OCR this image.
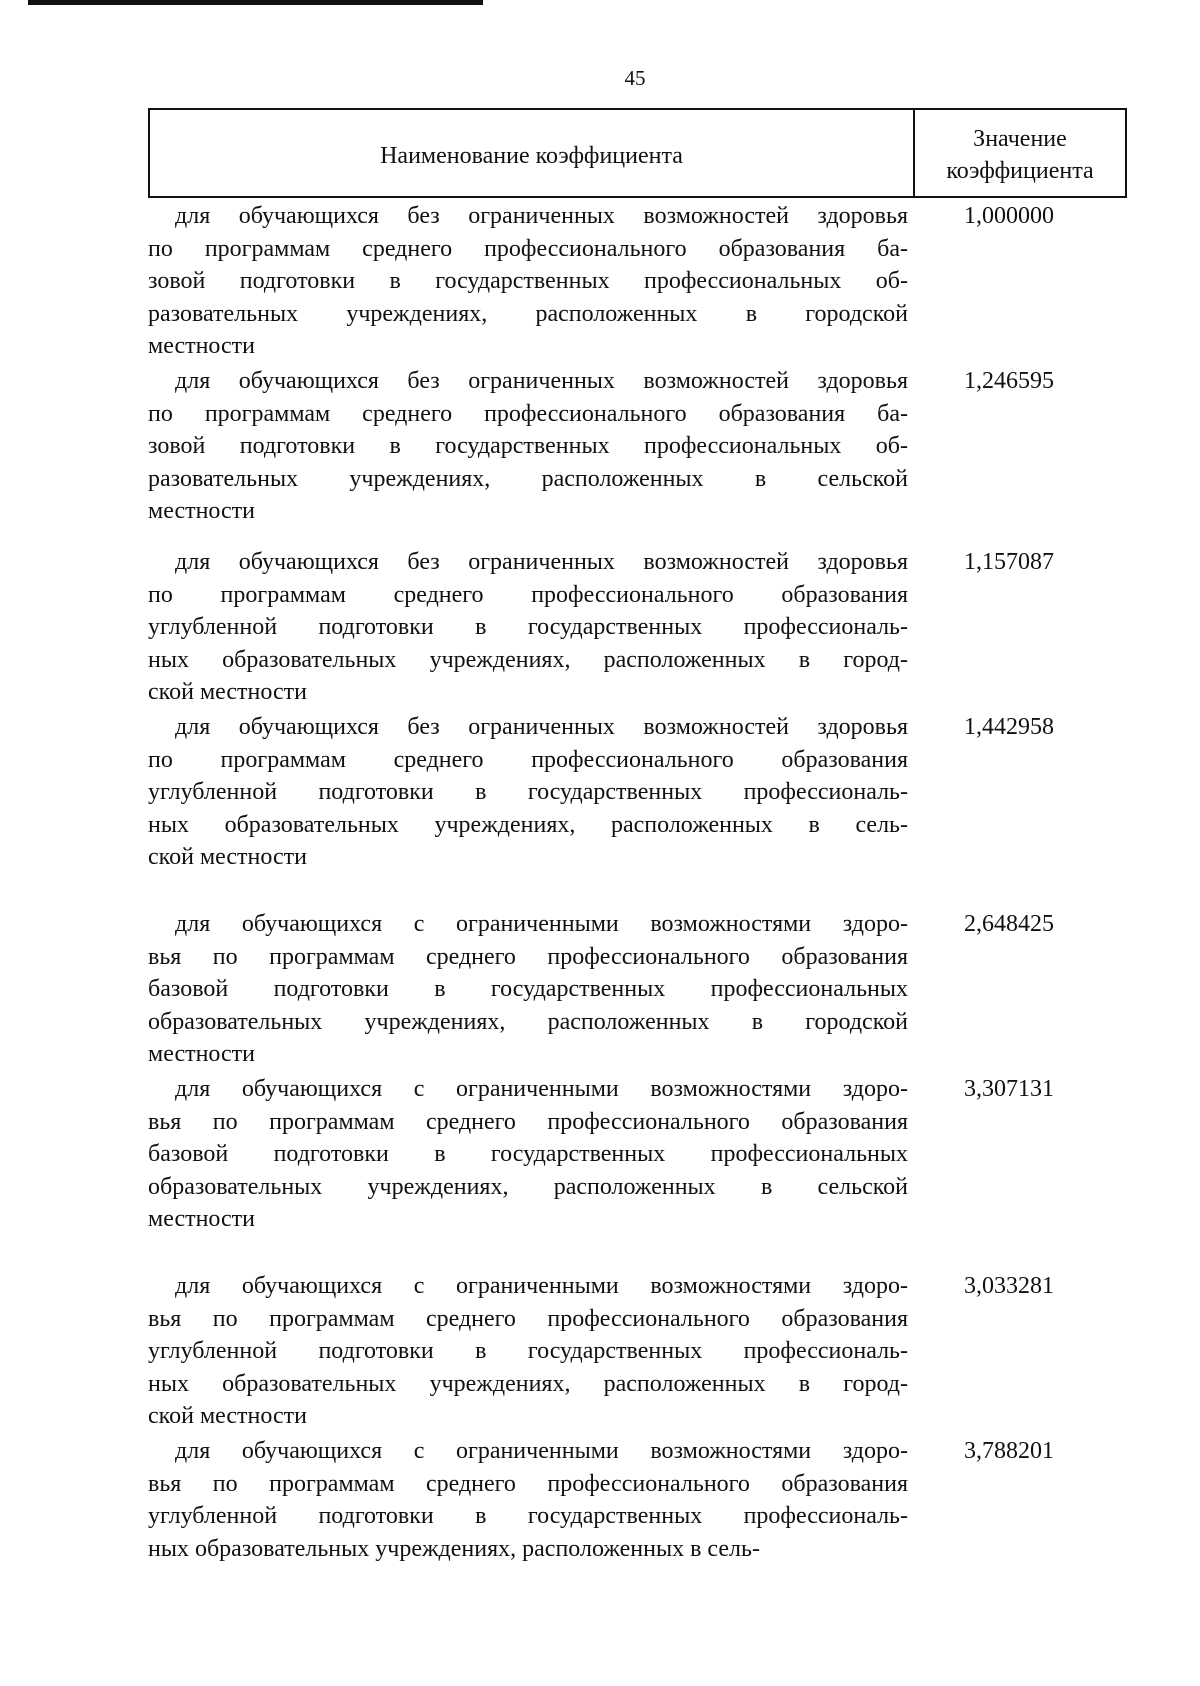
45
Наименование коэффициента
Значение
коэффициента
для обучающихся без ограниченных возможностей здоровья
по программам среднего профессионального образования ба-
зовой подготовки в государственных профессиональных об-
разовательных учреждениях, расположенных в городской
местности
1,000000
для обучающихся без ограниченных возможностей здоровья
по программам среднего профессионального образования ба-
зовой подготовки в государственных профессиональных об-
разовательных учреждениях, расположенных в сельской
местности
1,246595
для обучающихся без ограниченных возможностей здоровья
по программам среднего профессионального образования
углубленной подготовки в государственных профессиональ-
ных образовательных учреждениях, расположенных в город-
ской местности
1,157087
для обучающихся без ограниченных возможностей здоровья
по программам среднего профессионального образования
углубленной подготовки в государственных профессиональ-
ных образовательных учреждениях, расположенных в сель-
ской местности
1,442958
для обучающихся с ограниченными возможностями здоро-
вья по программам среднего профессионального образования
базовой подготовки в государственных профессиональных
образовательных учреждениях, расположенных в городской
местности
2,648425
для обучающихся с ограниченными возможностями здоро-
вья по программам среднего профессионального образования
базовой подготовки в государственных профессиональных
образовательных учреждениях, расположенных в сельской
местности
3,307131
для обучающихся с ограниченными возможностями здоро-
вья по программам среднего профессионального образования
углубленной подготовки в государственных профессиональ-
ных образовательных учреждениях, расположенных в город-
ской местности
3,033281
для обучающихся с ограниченными возможностями здоро-
вья по программам среднего профессионального образования
углубленной подготовки в государственных профессиональ-
ных образовательных учреждениях, расположенных в сель-
3,788201
